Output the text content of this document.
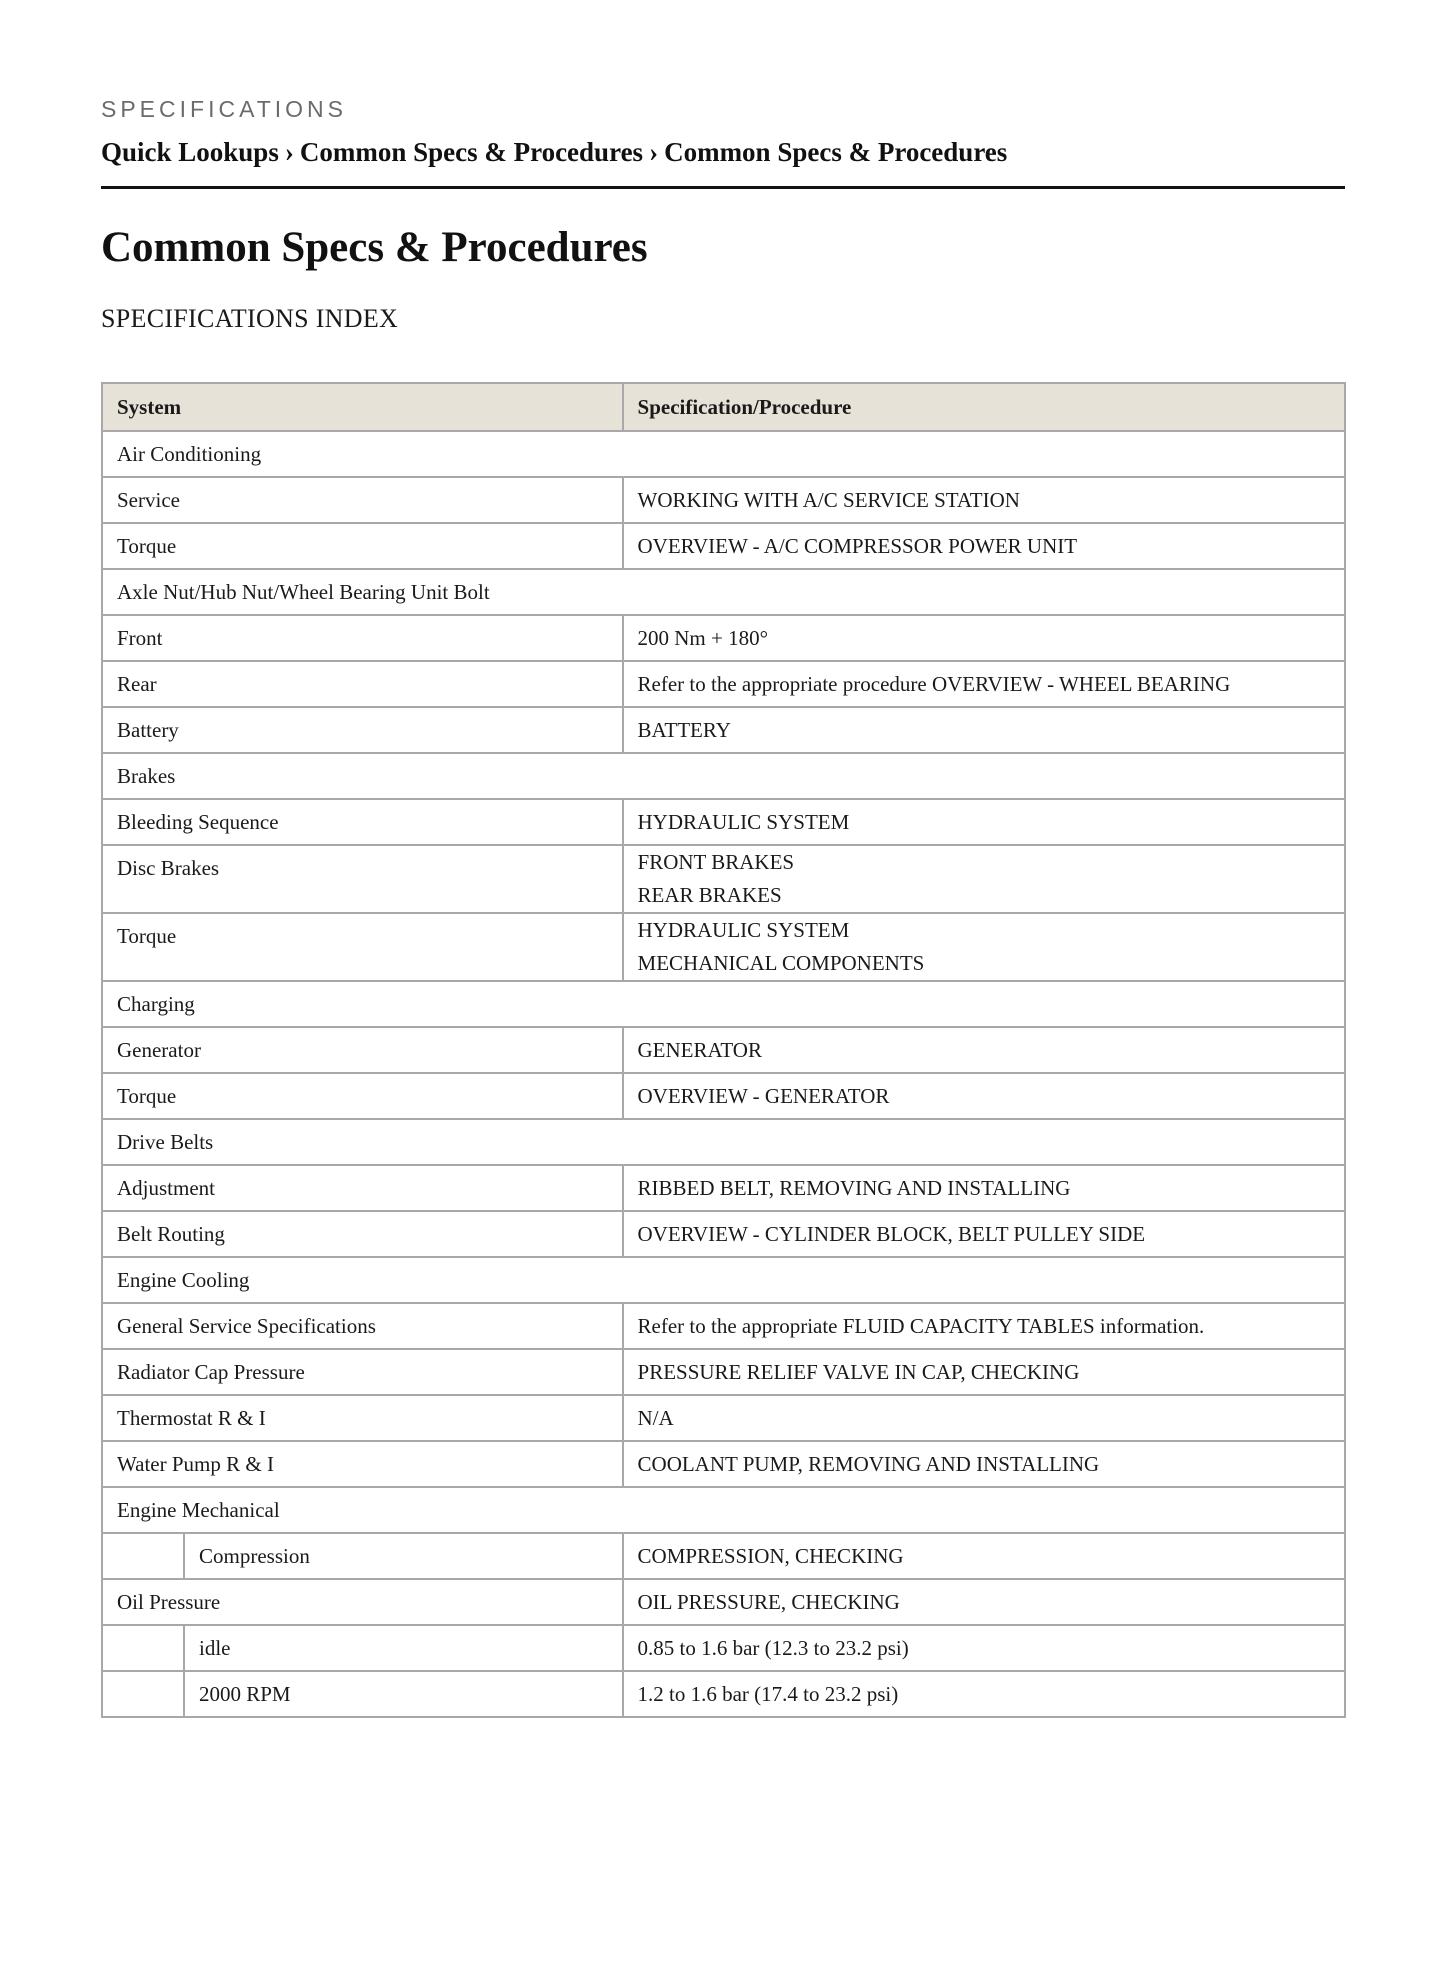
SPECIFICATIONS
Quick Lookups › Common Specs & Procedures › Common Specs & Procedures
Common Specs & Procedures
SPECIFICATIONS INDEX
System		Specification/Procedure
Air Conditioning		
Service		WORKING WITH A/C SERVICE STATION
Torque		OVERVIEW - A/C COMPRESSOR POWER UNIT
Axle Nut/Hub Nut/Wheel Bearing Unit Bolt		
Front		200 Nm + 180°
Rear		Refer to the appropriate procedure OVERVIEW - WHEEL BEARING
Battery		BATTERY
Brakes		
Bleeding Sequence		HYDRAULIC SYSTEM
Disc Brakes		FRONT BRAKES
REAR BRAKES

Torque		HYDRAULIC SYSTEM
MECHANICAL COMPONENTS

Charging		
Generator		GENERATOR
Torque		OVERVIEW - GENERATOR
Drive Belts		
Adjustment		RIBBED BELT, REMOVING AND INSTALLING
Belt Routing		OVERVIEW - CYLINDER BLOCK, BELT PULLEY SIDE
Engine Cooling		
General Service Specifications		Refer to the appropriate FLUID CAPACITY TABLES information.
Radiator Cap Pressure		PRESSURE RELIEF VALVE IN CAP, CHECKING
Thermostat R & I		N/A
Water Pump R & I		COOLANT PUMP, REMOVING AND INSTALLING
Engine Mechanical		
	Compression	COMPRESSION, CHECKING
Oil Pressure		OIL PRESSURE, CHECKING
	idle	0.85 to 1.6 bar (12.3 to 23.2 psi)
	2000 RPM	1.2 to 1.6 bar (17.4 to 23.2 psi)
